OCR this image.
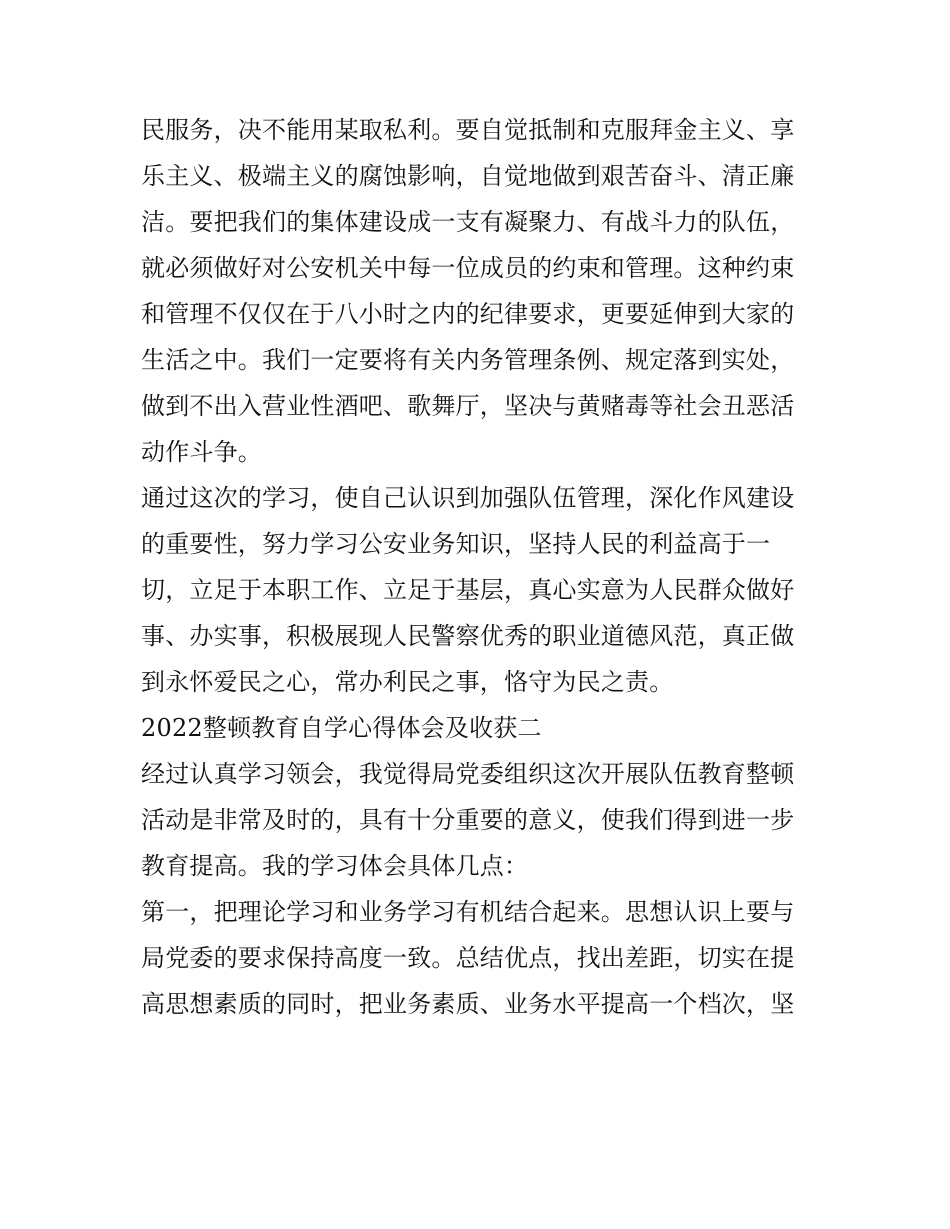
民服务，决不能用某取私利。要自觉抵制和克服拜金主义、享
乐主义、极端主义的腐蚀影响，自觉地做到艰苦奋斗、清正廉
洁。要把我们的集体建设成一支有凝聚力、有战斗力的队伍，
就必须做好对公安机关中每一位成员的约束和管理。这种约束
和管理不仅仅在于八小时之内的纪律要求，更要延伸到大家的
生活之中。我们一定要将有关内务管理条例、规定落到实处，
做到不出入营业性酒吧、歌舞厅，坚决与黄赌毒等社会丑恶活
动作斗争。
通过这次的学习，使自己认识到加强队伍管理，深化作风建设
的重要性，努力学习公安业务知识，坚持人民的利益高于一
切，立足于本职工作、立足于基层，真心实意为人民群众做好
事、办实事，积极展现人民警察优秀的职业道德风范，真正做
到永怀爱民之心，常办利民之事，恪守为民之责。
2022整顿教育自学心得体会及收获二
经过认真学习领会，我觉得局党委组织这次开展队伍教育整顿
活动是非常及时的，具有十分重要的意义，使我们得到进一步
教育提高。我的学习体会具体几点：
第一，把理论学习和业务学习有机结合起来。思想认识上要与
局党委的要求保持高度一致。总结优点，找出差距，切实在提
高思想素质的同时，把业务素质、业务水平提高一个档次，坚
